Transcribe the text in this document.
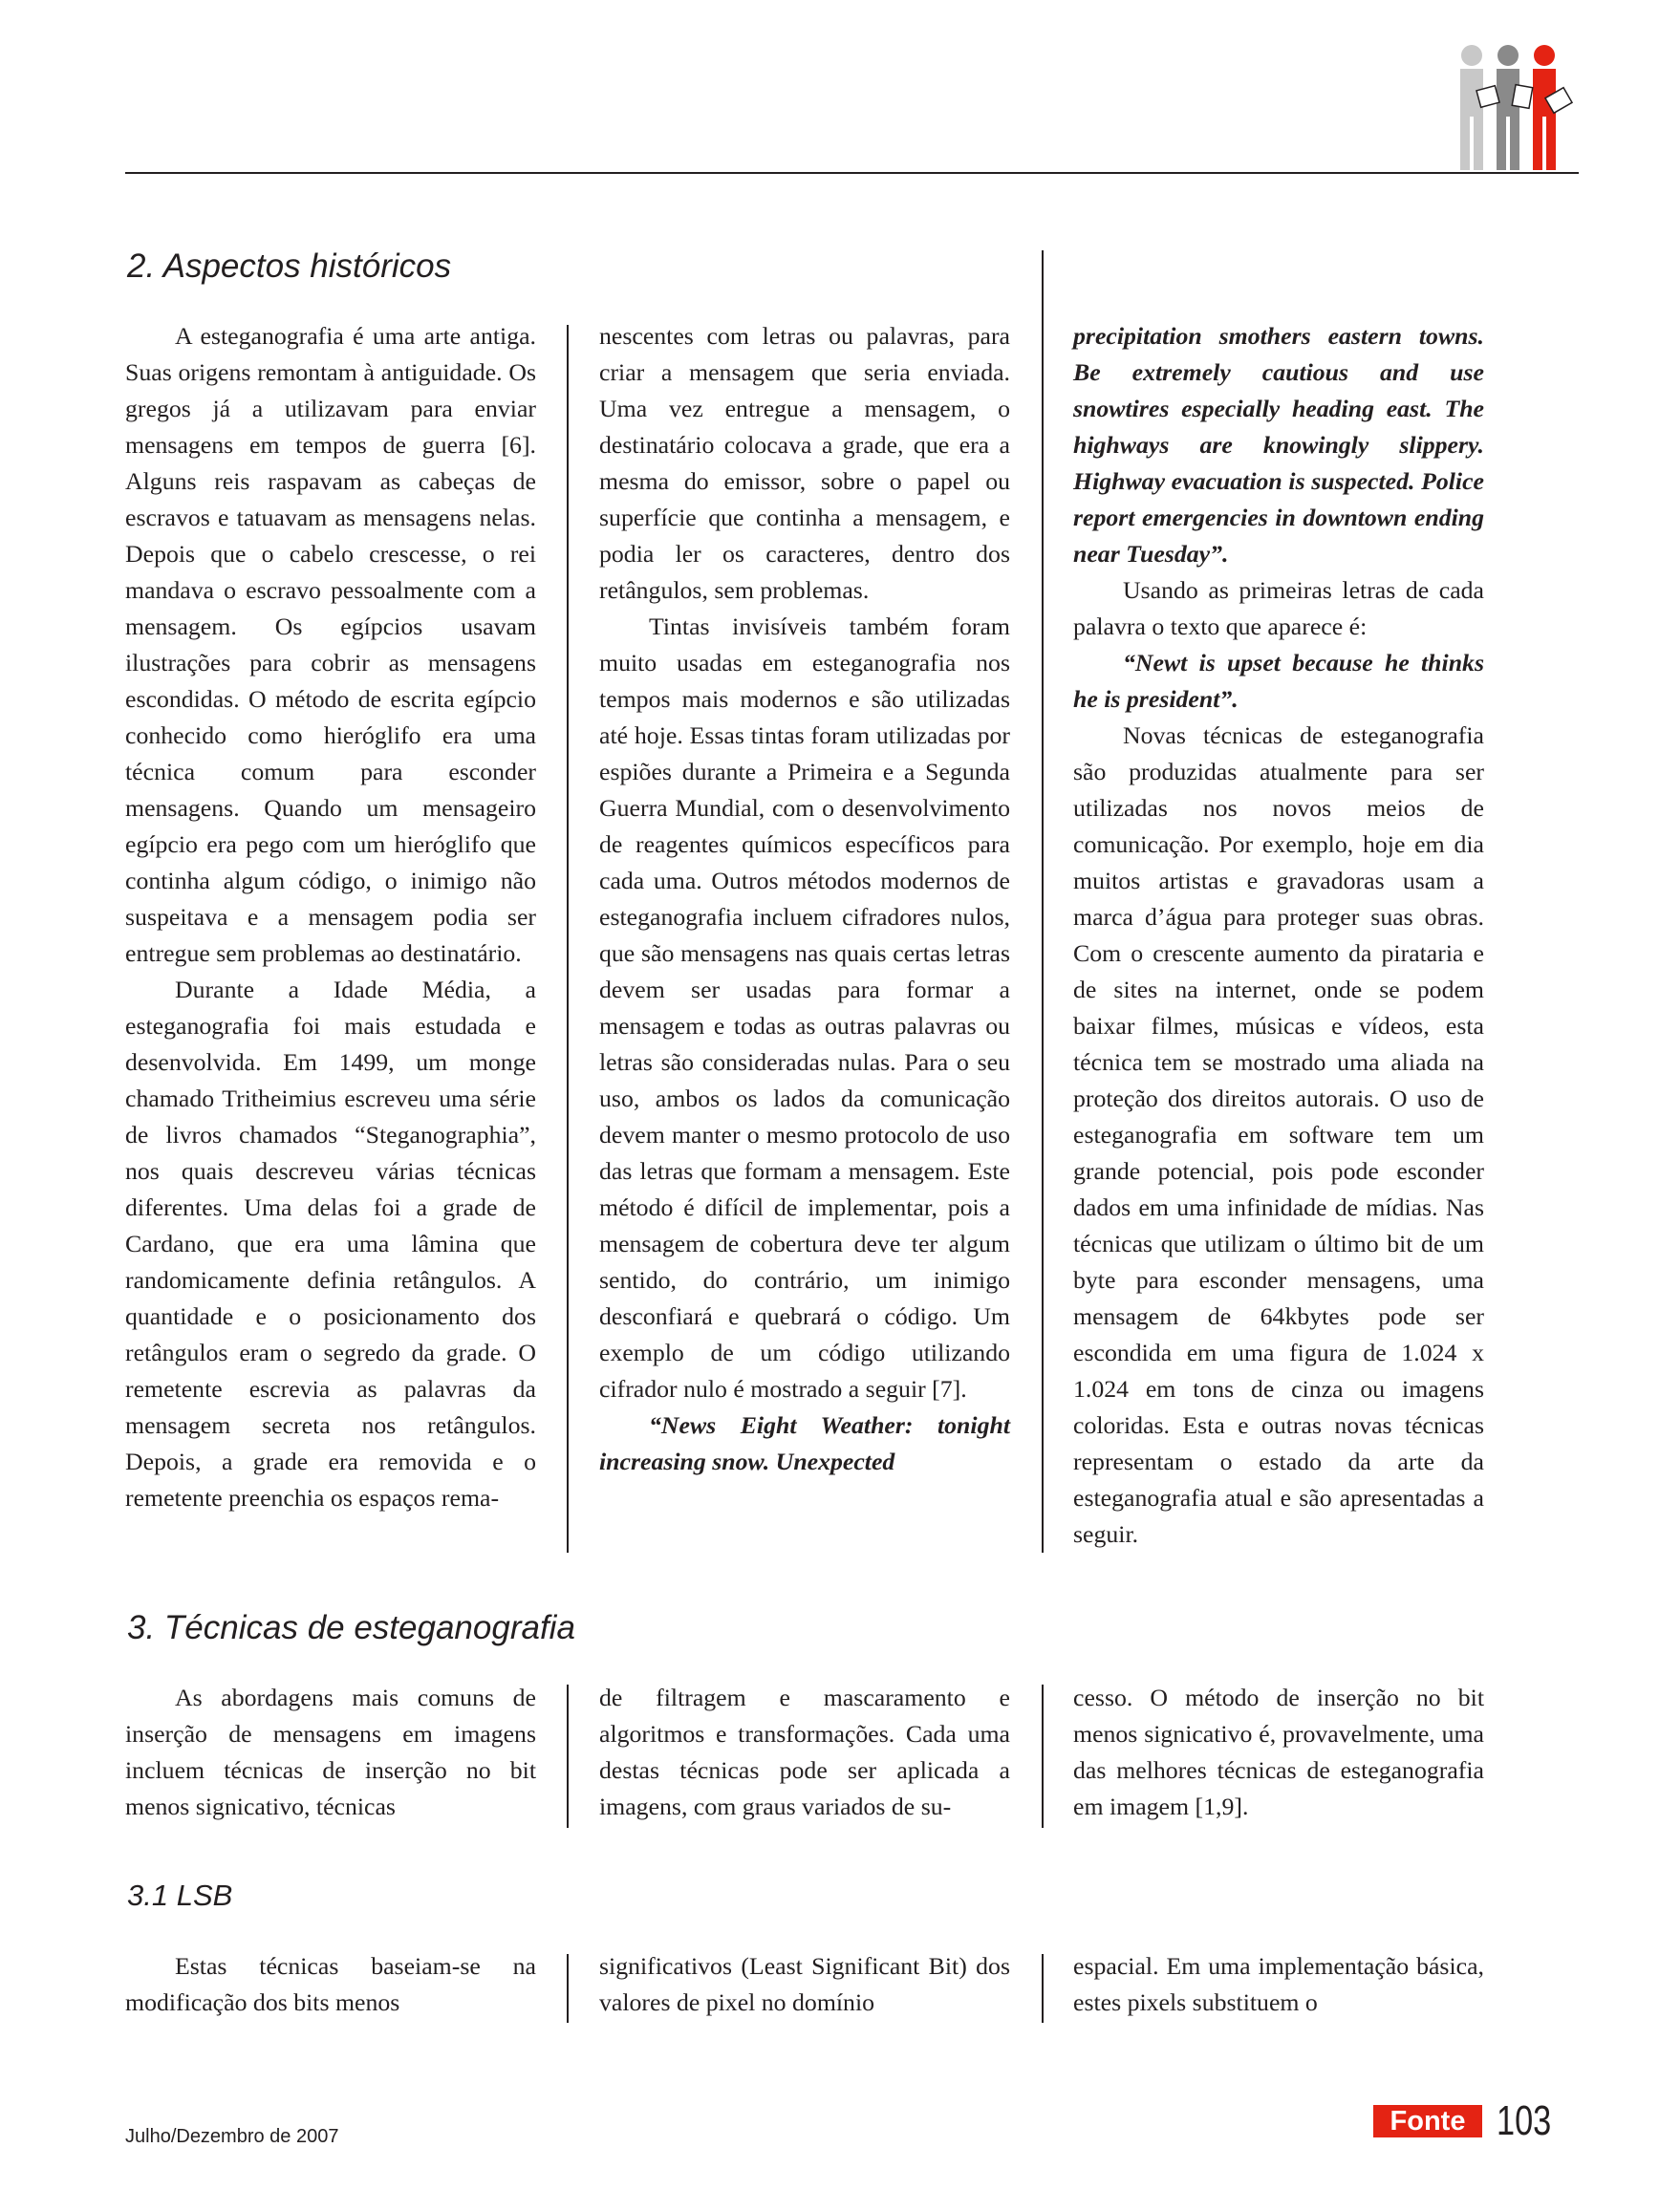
2. Aspectos históricos

A esteganografia é uma arte antiga. Suas origens remontam à antiguidade. Os gregos já a utilizavam para enviar mensagens em tempos de guerra [6]. Alguns reis raspavam as cabeças de escravos e tatuavam as mensagens nelas. Depois que o cabelo crescesse, o rei mandava o escravo pessoalmente com a mensagem. Os egípcios usavam ilustrações para cobrir as mensagens escondidas. O método de escrita egípcio conhecido como hieróglifo era uma técnica comum para esconder mensagens. Quando um mensageiro egípcio era pego com um hieróglifo que continha algum código, o inimigo não suspeitava e a mensagem podia ser entregue sem problemas ao destinatário.

Durante a Idade Média, a esteganografia foi mais estudada e desenvolvida. Em 1499, um monge chamado Tritheimius escreveu uma série de livros chamados “Steganographia”, nos quais descreveu várias técnicas diferentes. Uma delas foi a grade de Cardano, que era uma lâmina que randomicamente definia retângulos. A quantidade e o posicionamento dos retângulos eram o segredo da grade. O remetente escrevia as palavras da mensagem secreta nos retângulos. Depois, a grade era removida e o remetente preenchia os espaços rema-

nescentes com letras ou palavras, para criar a mensagem que seria enviada. Uma vez entregue a mensagem, o destinatário colocava a grade, que era a mesma do emissor, sobre o papel ou superfície que continha a mensagem, e podia ler os caracteres, dentro dos retângulos, sem problemas.

Tintas invisíveis também foram muito usadas em esteganografia nos tempos mais modernos e são utilizadas até hoje. Essas tintas foram utilizadas por espiões durante a Primeira e a Segunda Guerra Mundial, com o desenvolvimento de reagentes químicos específicos para cada uma. Outros métodos modernos de esteganografia incluem cifradores nulos, que são mensagens nas quais certas letras devem ser usadas para formar a mensagem e todas as outras palavras ou letras são consideradas nulas. Para o seu uso, ambos os lados da comunicação devem manter o mesmo protocolo de uso das letras que formam a mensagem. Este método é difícil de implementar, pois a mensagem de cobertura deve ter algum sentido, do contrário, um inimigo desconfiará e quebrará o código. Um exemplo de um código utilizando cifrador nulo é mostrado a seguir [7].

“News Eight Weather: tonight increasing snow. Unexpected

precipitation smothers eastern towns. Be extremely cautious and use snowtires especially heading east. The highways are knowingly slippery. Highway evacuation is suspected. Police report emergencies in downtown ending near Tuesday”.

Usando as primeiras letras de cada palavra o texto que aparece é:

“Newt is upset because he thinks he is president”.

Novas técnicas de esteganografia são produzidas atualmente para ser utilizadas nos novos meios de comunicação. Por exemplo, hoje em dia muitos artistas e gravadoras usam a marca d’água para proteger suas obras. Com o crescente aumento da pirataria e de sites na internet, onde se podem baixar filmes, músicas e vídeos, esta técnica tem se mostrado uma aliada na proteção dos direitos autorais. O uso de esteganografia em software tem um grande potencial, pois pode esconder dados em uma infinidade de mídias. Nas técnicas que utilizam o último bit de um byte para esconder mensagens, uma mensagem de 64kbytes pode ser escondida em uma figura de 1.024 x 1.024 em tons de cinza ou imagens coloridas. Esta e outras novas técnicas representam o estado da arte da esteganografia atual e são apresentadas a seguir.

3. Técnicas de esteganografia

As abordagens mais comuns de inserção de mensagens em imagens incluem técnicas de inserção no bit menos signicativo, técnicas

de filtragem e mascaramento e algoritmos e transformações. Cada uma destas técnicas pode ser aplicada a imagens, com graus variados de su-

cesso. O método de inserção no bit menos signicativo é, provavelmente, uma das melhores técnicas de esteganografia em imagem [1,9].

3.1 LSB

Estas técnicas baseiam-se na modificação dos bits menos

significativos (Least Significant Bit) dos valores de pixel no domínio

espacial. Em uma implementação básica, estes pixels substituem o

Julho/Dezembro de 2007	Fonte 103
